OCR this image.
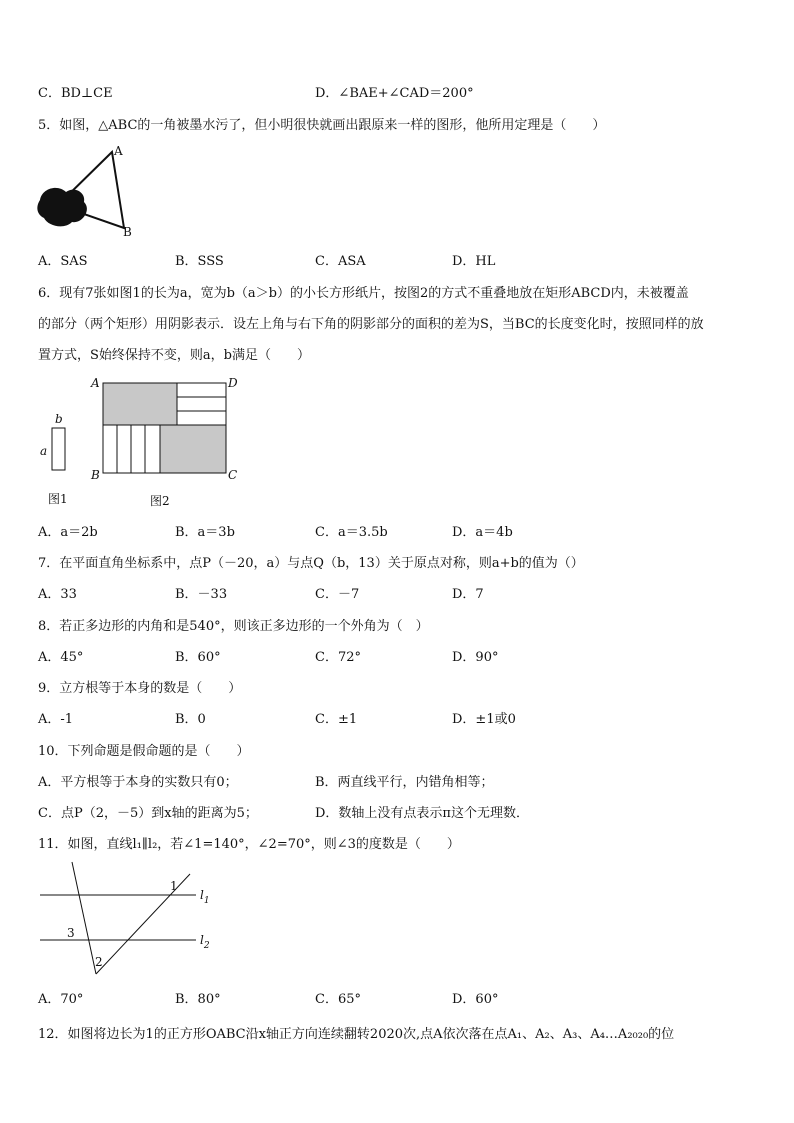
C．BD⊥CE	D．∠BAE+∠CAD＝200°
5．如图，△ABC的一角被墨水污了，但小明很快就画出跟原来一样的图形，他所用定理是（　　）
A
B
A．SAS	B．SSS	C．ASA	D．HL
6．现有7张如图1的长为a，宽为b（a＞b）的小长方形纸片，按图2的方式不重叠地放在矩形ABCD内，未被覆盖
的部分（两个矩形）用阴影表示．设左上角与右下角的阴影部分的面积的差为S，当BC的长度变化时，按照同样的放
置方式，S始终保持不变，则a，b满足（　　）
b
a
图1
A	D
B	C
图2
A．a＝2b	B．a＝3b	C．a＝3.5b	D．a＝4b
7．在平面直角坐标系中，点P（－20，a）与点Q（b，13）关于原点对称，则a+b的值为（）
A．33	B．－33	C．－7	D．7
8．若正多边形的内角和是540°，则该正多边形的一个外角为（　）
A．45°	B．60°	C．72°	D．90°
9．立方根等于本身的数是（　　）
A．-1	B．0	C．±1	D．±1或0
10．下列命题是假命题的是（　　）
A．平方根等于本身的实数只有0；	B．两直线平行，内错角相等；
C．点P（2，－5）到x轴的距离为5；	D．数轴上没有点表示π这个无理数．
11．如图，直线l₁∥l₂，若∠1=140°，∠2=70°，则∠3的度数是（　　）
1
2
3
$l_1$
$l_2$
A．70°	B．80°	C．65°	D．60°
12．如图将边长为1的正方形OABC沿x轴正方向连续翻转2020次,点A依次落在点A₁、A₂、A₃、A₄…A₂₀₂₀的位
